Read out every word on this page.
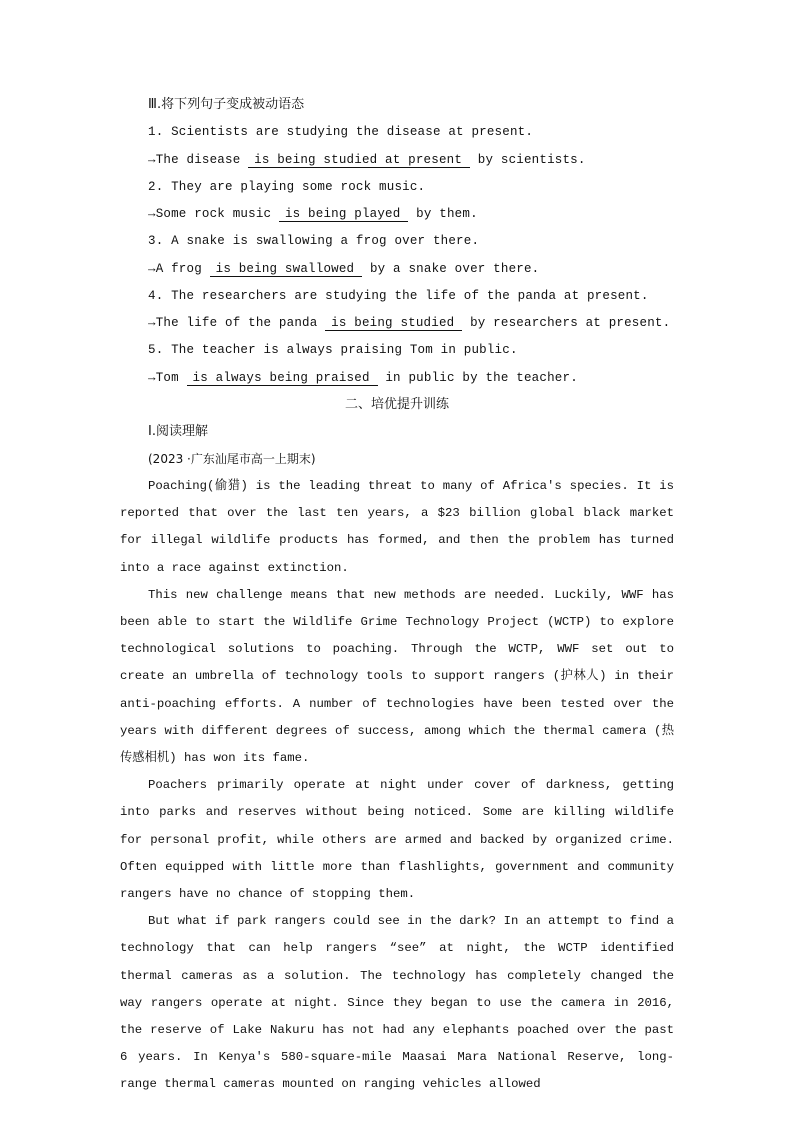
Ⅲ.将下列句子变成被动语态
1. Scientists are studying the disease at present.
→The disease is being studied at present by scientists.
2. They are playing some rock music.
→Some rock music is being played by them.
3. A snake is swallowing a frog over there.
→A frog is being swallowed by a snake over there.
4. The researchers are studying the life of the panda at present.
→The life of the panda is being studied by researchers at present.
5. The teacher is always praising Tom in public.
→Tom is always being praised in public by the teacher.
二、培优提升训练
Ⅰ.阅读理解
(2023 ·广东汕尾市高一上期末)

Poaching(偷猎) is the leading threat to many of Africa's species. It is reported that over the last ten years, a $23 billion global black market for illegal wildlife products has formed, and then the problem has turned into a race against extinction.

This new challenge means that new methods are needed. Luckily, WWF has been able to start the Wildlife Grime Technology Project (WCTP) to explore technological solutions to poaching. Through the WCTP, WWF set out to create an umbrella of technology tools to support rangers (护林人) in their anti-poaching efforts. A number of technologies have been tested over the years with different degrees of success, among which the thermal camera (热传感相机) has won its fame.

Poachers primarily operate at night under cover of darkness, getting into parks and reserves without being noticed. Some are killing wildlife for personal profit, while others are armed and backed by organized crime. Often equipped with little more than flashlights, government and community rangers have no chance of stopping them.

But what if park rangers could see in the dark? In an attempt to find a technology that can help rangers “see” at night, the WCTP identified thermal cameras as a solution. The technology has completely changed the way rangers operate at night. Since they began to use the camera in 2016, the reserve of Lake Nakuru has not had any elephants poached over the past 6 years. In Kenya's 580-square-mile Maasai Mara National Reserve, long-range thermal cameras mounted on ranging vehicles allowed
